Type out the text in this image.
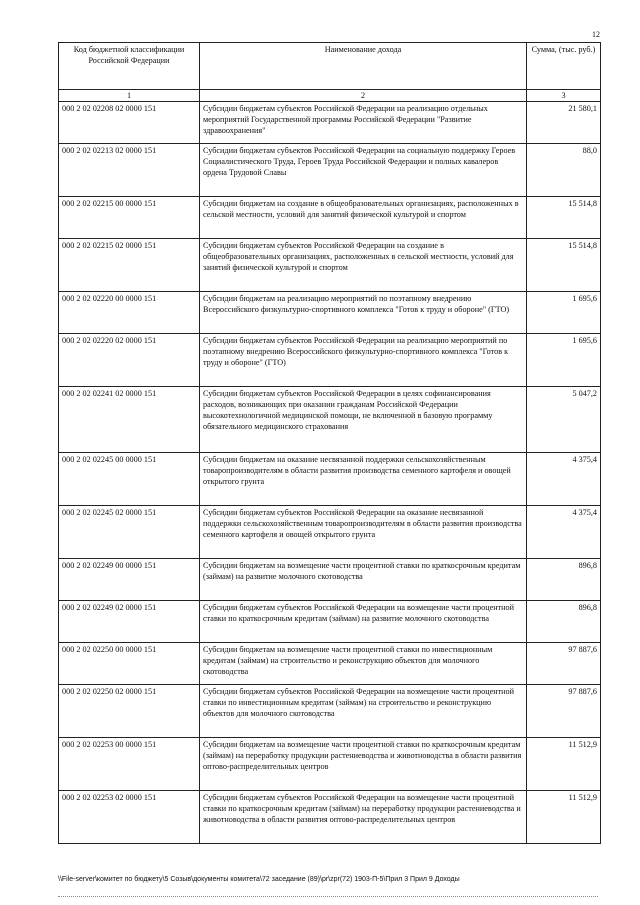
12
Код бюджетной классификации Российской Федерации	Наименование дохода	Сумма, (тыс. руб.)
1	2	3
000 2 02 02208 02 0000 151	Субсидии бюджетам субъектов Российской Федерации на реализацию отдельных мероприятий Государственной программы Российской Федерации "Развитие здравоохранения"	21 580,1
000 2 02 02213 02 0000 151	Субсидии бюджетам субъектов Российской Федерации на социальную поддержку Героев Социалистического Труда, Героев Труда Российской Федерации и полных кавалеров ордена Трудовой Славы	88,0
000 2 02 02215 00 0000 151	Субсидии бюджетам на создание в общеобразовательных организациях, расположенных в сельской местности, условий для занятий физической культурой и спортом	15 514,8
000 2 02 02215 02 0000 151	Субсидии бюджетам субъектов Российской Федерации на создание в общеобразовательных организациях, расположенных в сельской местности, условий для занятий физической культурой и спортом	15 514,8
000 2 02 02220 00 0000 151	Субсидии бюджетам на реализацию мероприятий по поэтапному внедрению Всероссийского физкультурно-спортивного комплекса "Готов к труду и обороне" (ГТО)	1 695,6
000 2 02 02220 02 0000 151	Субсидии бюджетам субъектов Российской Федерации на реализацию мероприятий по поэтапному внедрению Всероссийского физкультурно-спортивного комплекса "Готов к труду и обороне" (ГТО)	1 695,6
000 2 02 02241 02 0000 151	Субсидии бюджетам субъектов Российской Федерации в целях софинансирования расходов, возникающих при оказании гражданам Российской Федерации высокотехнологичной медицинской помощи, не включенной в базовую программу обязательного медицинского страхования	5 047,2
000 2 02 02245 00 0000 151	Субсидии бюджетам на оказание несвязанной поддержки сельскохозяйственным товаропроизводителям в области развития производства семенного картофеля и овощей открытого грунта	4 375,4
000 2 02 02245 02 0000 151	Субсидии бюджетам субъектов Российской Федерации на оказание несвязанной поддержки сельскохозяйственным товаропроизводителям в области развития производства семенного картофеля и овощей открытого грунта	4 375,4
000 2 02 02249 00 0000 151	Субсидии бюджетам на возмещение части процентной ставки по краткосрочным кредитам (займам) на развитие молочного скотоводства	896,8
000 2 02 02249 02 0000 151	Субсидии бюджетам субъектов Российской Федерации на возмещение части процентной ставки по краткосрочным кредитам (займам) на развитие молочного скотоводства	896,8
000 2 02 02250 00 0000 151	Субсидии бюджетам на возмещение части процентной ставки по инвестиционным кредитам (займам) на строительство и реконструкцию объектов для молочного скотоводства	97 887,6
000 2 02 02250 02 0000 151	Субсидии бюджетам субъектов Российской Федерации на возмещение части процентной ставки по инвестиционным кредитам (займам) на строительство и реконструкцию объектов для молочного скотоводства	97 887,6
000 2 02 02253 00 0000 151	Субсидии бюджетам на возмещение части процентной ставки по краткосрочным кредитам (займам) на переработку продукции растениеводства и животноводства в области развития оптово-распределительных центров	11 512,9
000 2 02 02253 02 0000 151	Субсидии бюджетам субъектов Российской Федерации на возмещение части процентной ставки по краткосрочным кредитам (займам) на переработку продукции растениеводства и животноводства в области развития оптово-распределительных центров	11 512,9
\\File-server\комитет по бюджету\5 Созыв\документы комитета\72 заседание (89)\pr\zpr(72) 1903-П-5\Прил 3 Прил 9 Доходы
